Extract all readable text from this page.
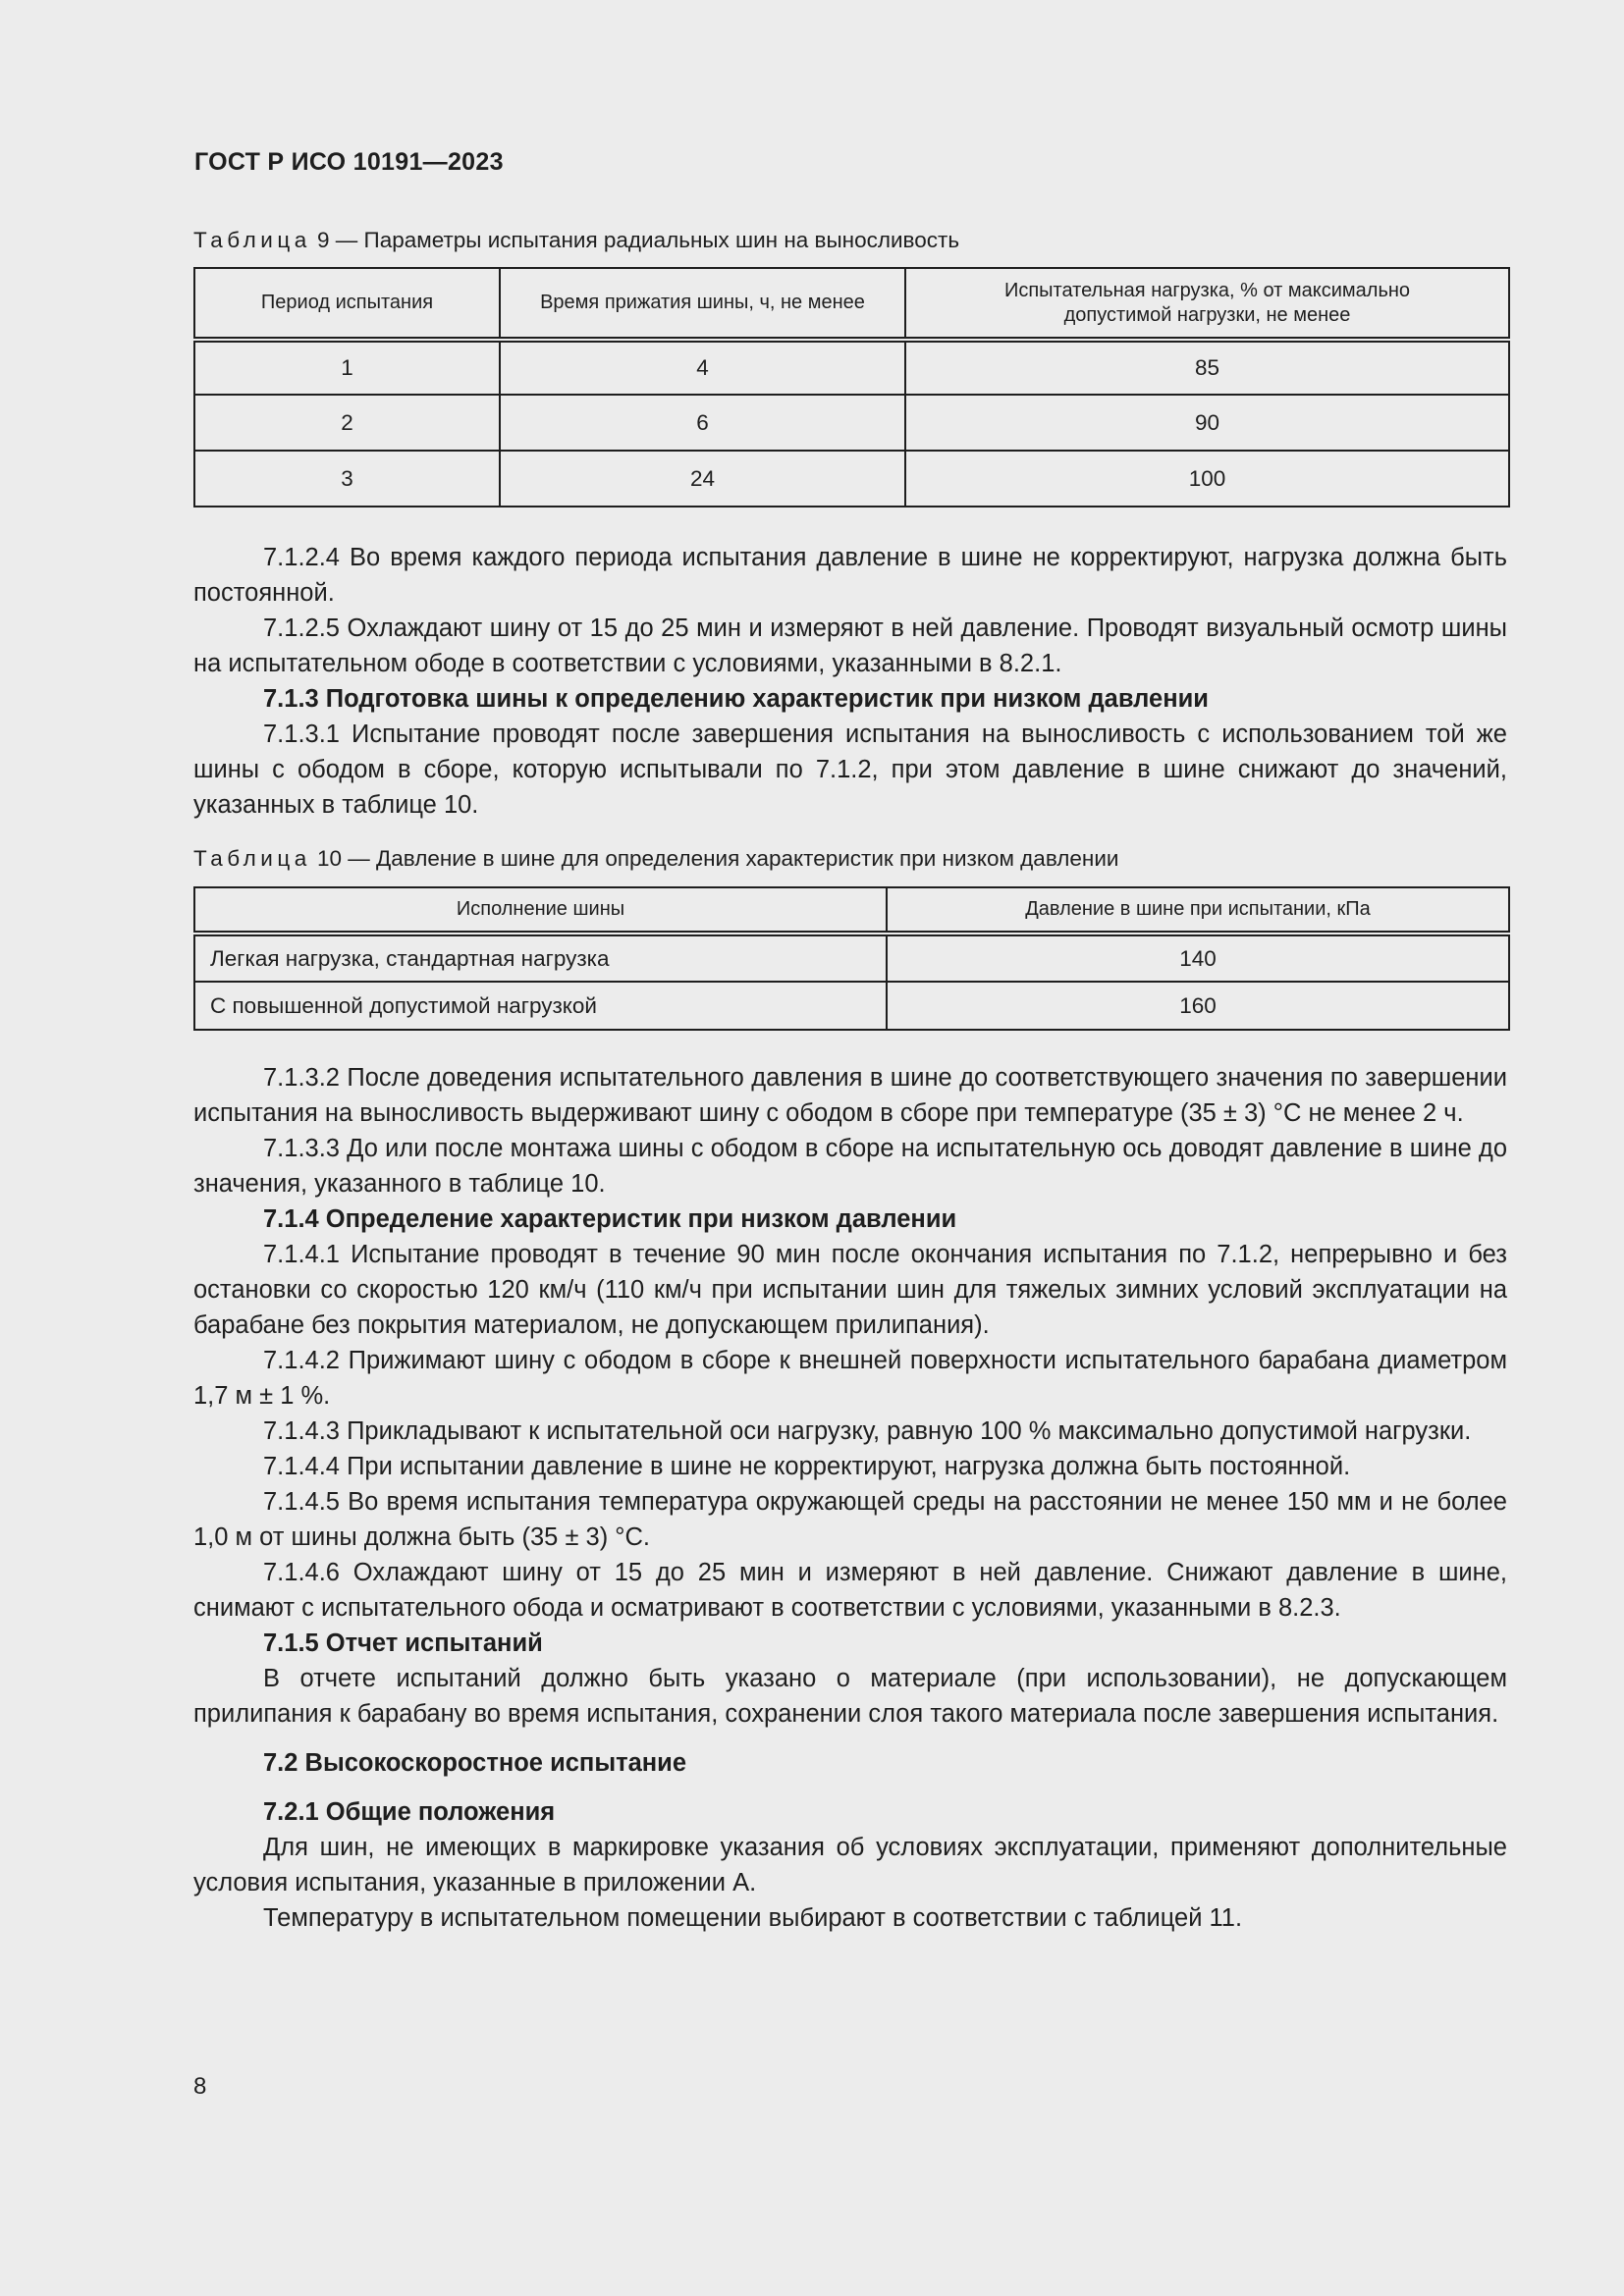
ГОСТ Р ИСО 10191—2023
Таблица 9 — Параметры испытания радиальных шин на выносливость
Период испытания	Время прижатия шины, ч, не менее	Испытательная нагрузка, % от максимально
допустимой нагрузки, не менее
1	4	85
2	6	90
3	24	100

7.1.2.4 Во время каждого периода испытания давление в шине не корректируют, нагрузка должна быть постоянной.

7.1.2.5 Охлаждают шину от 15 до 25 мин и измеряют в ней давление. Проводят визуальный осмотр шины на испытательном ободе в соответствии с условиями, указанными в 8.2.1.

7.1.3 Подготовка шины к определению характеристик при низком давлении

7.1.3.1 Испытание проводят после завершения испытания на выносливость с использованием той же шины с ободом в сборе, которую испытывали по 7.1.2, при этом давление в шине снижают до значений, указанных в таблице 10.

Таблица 10 — Давление в шине для определения характеристик при низком давлении
Исполнение шины	Давление в шине при испытании, кПа
Легкая нагрузка, стандартная нагрузка	140
С повышенной допустимой нагрузкой	160

7.1.3.2 После доведения испытательного давления в шине до соответствующего значения по завершении испытания на выносливость выдерживают шину с ободом в сборе при температуре (35 ± 3) °С не менее 2 ч.

7.1.3.3 До или после монтажа шины с ободом в сборе на испытательную ось доводят давление в шине до значения, указанного в таблице 10.

7.1.4 Определение характеристик при низком давлении

7.1.4.1 Испытание проводят в течение 90 мин после окончания испытания по 7.1.2, непрерывно и без остановки со скоростью 120 км/ч (110 км/ч при испытании шин для тяжелых зимних условий эксплуатации на барабане без покрытия материалом, не допускающем прилипания).

7.1.4.2 Прижимают шину с ободом в сборе к внешней поверхности испытательного барабана диаметром 1,7 м ± 1 %.

7.1.4.3 Прикладывают к испытательной оси нагрузку, равную 100 % максимально допустимой нагрузки.

7.1.4.4 При испытании давление в шине не корректируют, нагрузка должна быть постоянной.

7.1.4.5 Во время испытания температура окружающей среды на расстоянии не менее 150 мм и не более 1,0 м от шины должна быть (35 ± 3) °С.

7.1.4.6 Охлаждают шину от 15 до 25 мин и измеряют в ней давление. Снижают давление в шине, снимают с испытательного обода и осматривают в соответствии с условиями, указанными в 8.2.3.

7.1.5 Отчет испытаний

В отчете испытаний должно быть указано о материале (при использовании), не допускающем прилипания к барабану во время испытания, сохранении слоя такого материала после завершения испытания.

7.2 Высокоскоростное испытание

7.2.1 Общие положения

Для шин, не имеющих в маркировке указания об условиях эксплуатации, применяют дополнительные условия испытания, указанные в приложении А.

Температуру в испытательном помещении выбирают в соответствии с таблицей 11.

8
